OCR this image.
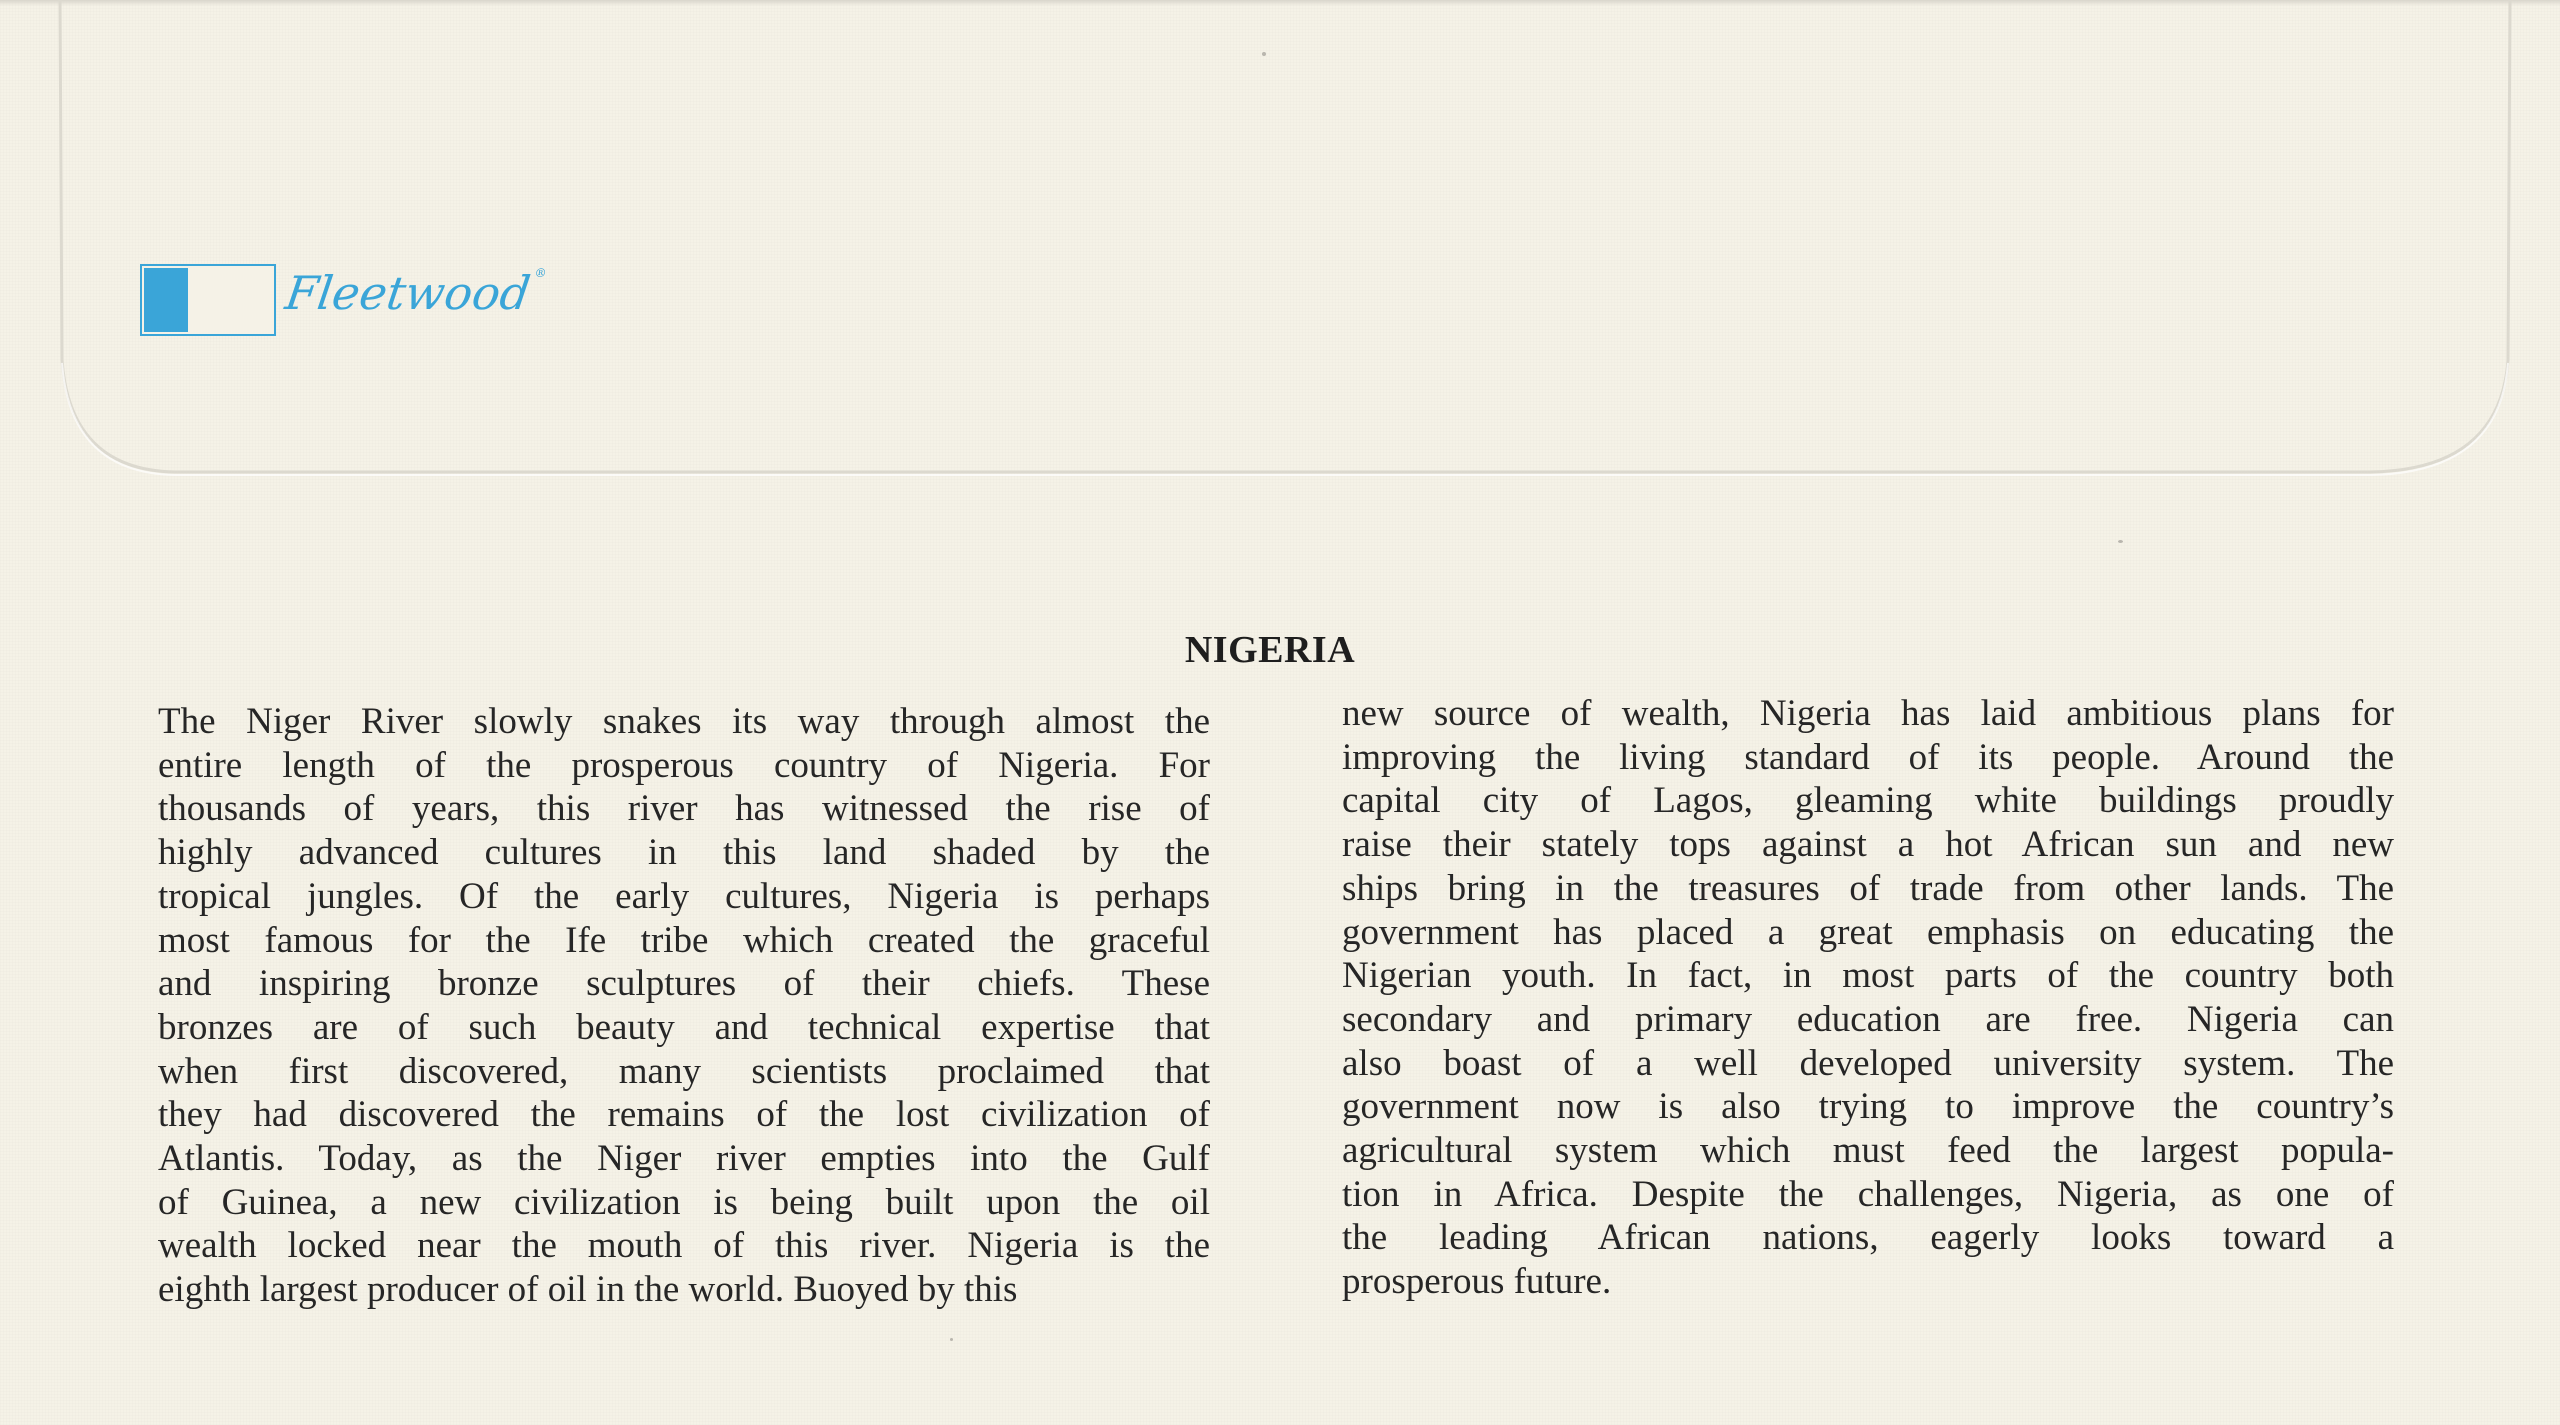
Fleetwood®
NIGERIA
The Niger River slowly snakes its way through almost the
entire length of the prosperous country of Nigeria. For
thousands of years, this river has witnessed the rise of
highly advanced cultures in this land shaded by the
tropical jungles. Of the early cultures, Nigeria is perhaps
most famous for the Ife tribe which created the graceful
and inspiring bronze sculptures of their chiefs. These
bronzes are of such beauty and technical expertise that
when first discovered, many scientists proclaimed that
they had discovered the remains of the lost civilization of
Atlantis. Today, as the Niger river empties into the Gulf
of Guinea, a new civilization is being built upon the oil
wealth locked near the mouth of this river. Nigeria is the
eighth largest producer of oil in the world. Buoyed by this
new source of wealth, Nigeria has laid ambitious plans for
improving the living standard of its people. Around the
capital city of Lagos, gleaming white buildings proudly
raise their stately tops against a hot African sun and new
ships bring in the treasures of trade from other lands. The
government has placed a great emphasis on educating the
Nigerian youth. In fact, in most parts of the country both
secondary and primary education are free. Nigeria can
also boast of a well developed university system. The
government now is also trying to improve the country’s
agricultural system which must feed the largest popula-
tion in Africa. Despite the challenges, Nigeria, as one of
the leading African nations, eagerly looks toward a
prosperous future.
